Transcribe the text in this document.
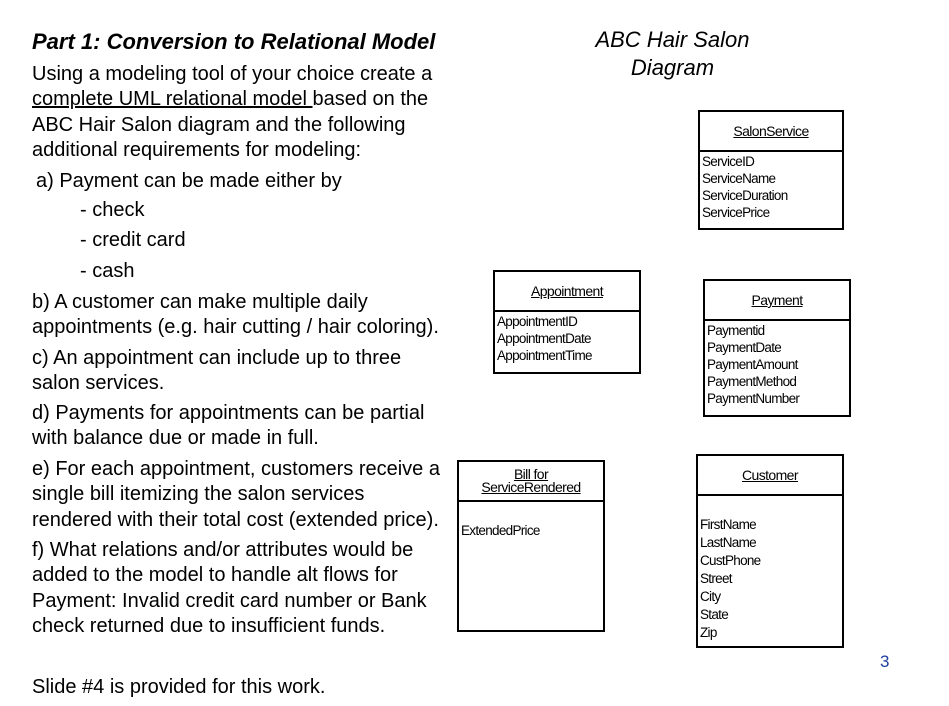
Part 1: Conversion to Relational Model

Using a modeling tool of your choice create a

complete UML relational model based on the

ABC Hair Salon diagram and the following

additional requirements for modeling:

a) Payment can be made either by

- check
- credit card
- cash

b) A customer can make multiple daily

appointments (e.g. hair cutting / hair coloring).

c) An appointment can include up to three

salon services.

d) Payments for appointments can be partial

with balance due or made in full.

e) For each appointment, customers receive a

single bill itemizing the salon services

rendered with their total cost (extended price).

f) What relations and/or attributes would be

added to the model to handle alt flows for

Payment: Invalid credit card number or Bank

check returned due to insufficient funds.

Slide #4 is provided for this work.
3
ABC Hair Salon
Diagram
SalonService
ServiceID
ServiceName
ServiceDuration
ServicePrice
Appointment
AppointmentID
AppointmentDate
AppointmentTime
Payment
Paymentid
PaymentDate
PaymentAmount
PaymentMethod
PaymentNumber
Bill for
ServiceRendered
ExtendedPrice
Customer
FirstName
LastName
CustPhone
Street
City
State
Zip
